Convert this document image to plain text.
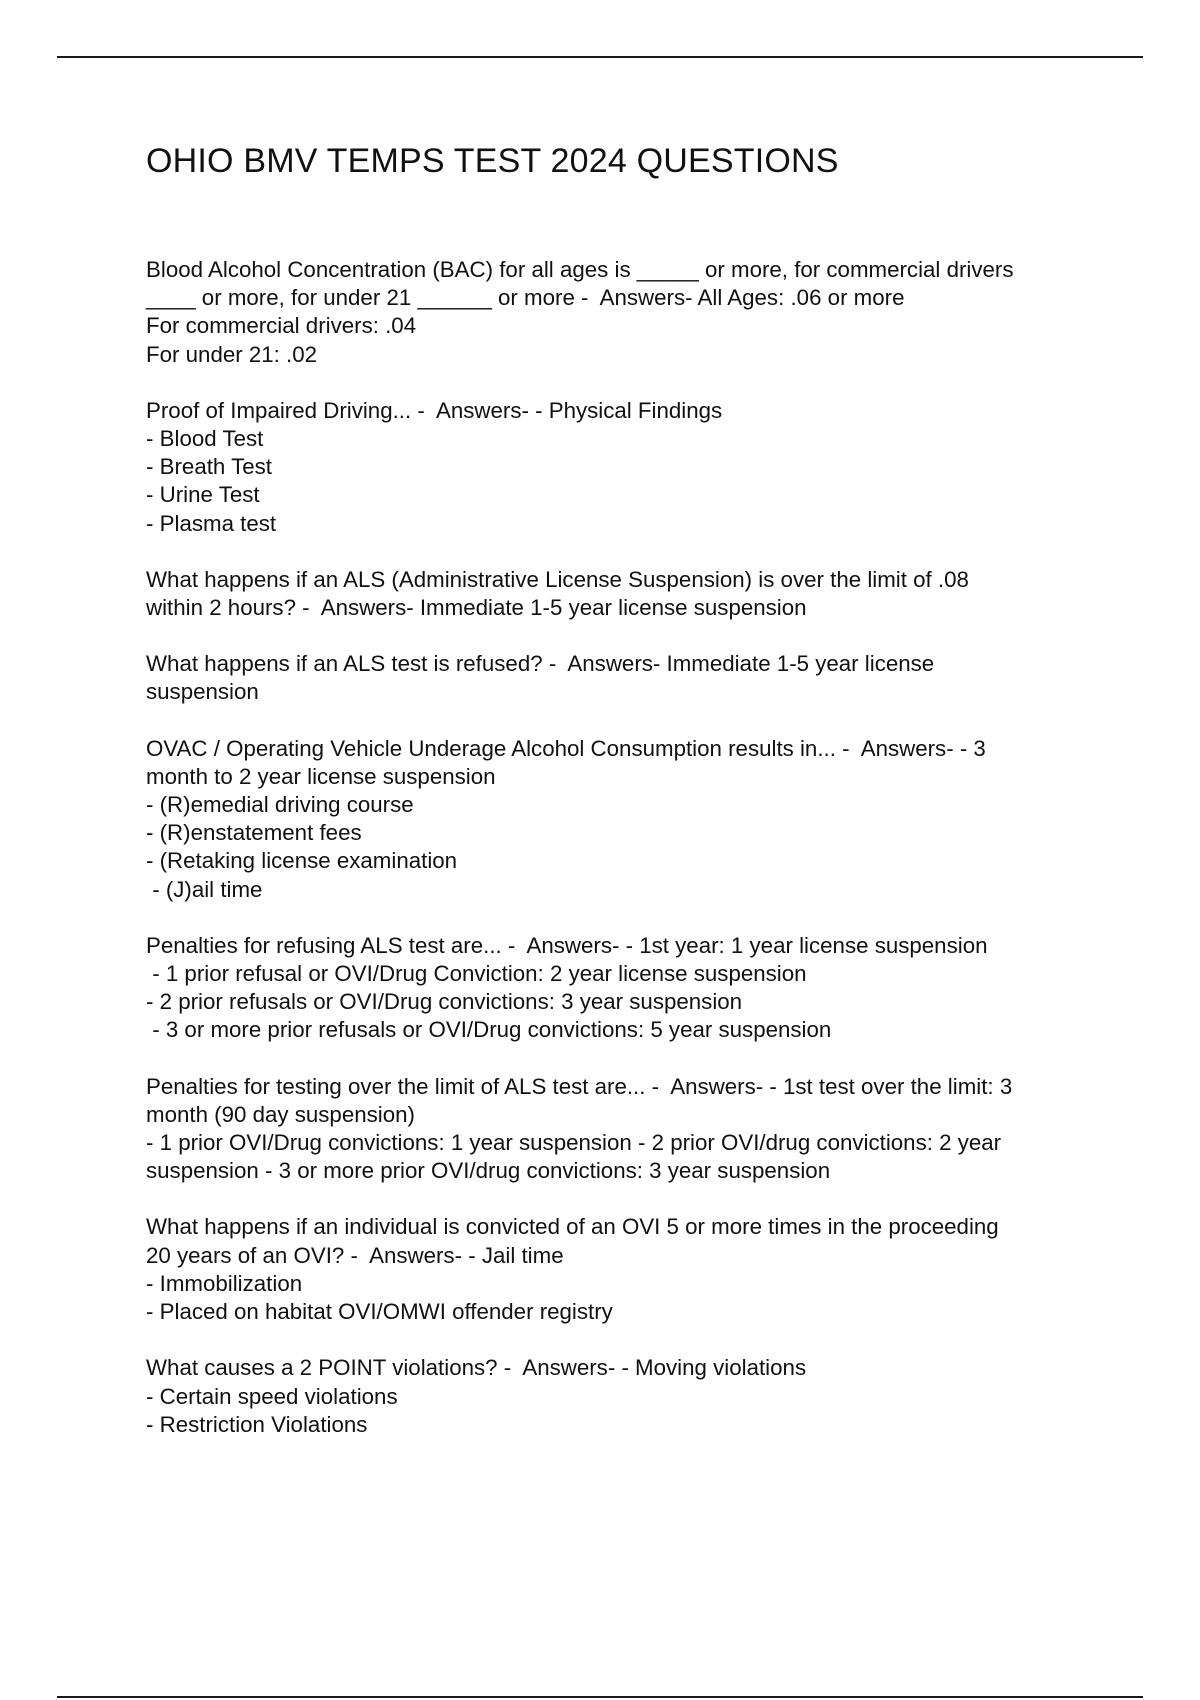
OHIO BMV TEMPS TEST 2024 QUESTIONS

Blood Alcohol Concentration (BAC) for all ages is _____ or more, for commercial drivers
____ or more, for under 21 ______ or more -  Answers- All Ages: .06 or more
For commercial drivers: .04
For under 21: .02

Proof of Impaired Driving... -  Answers- - Physical Findings
- Blood Test
- Breath Test
- Urine Test
- Plasma test

What happens if an ALS (Administrative License Suspension) is over the limit of .08
within 2 hours? -  Answers- Immediate 1-5 year license suspension

What happens if an ALS test is refused? -  Answers- Immediate 1-5 year license
suspension

OVAC / Operating Vehicle Underage Alcohol Consumption results in... -  Answers- - 3
month to 2 year license suspension
- (R)emedial driving course
- (R)enstatement fees
- (Retaking license examination
- (J)ail time

Penalties for refusing ALS test are... -  Answers- - 1st year: 1 year license suspension
- 1 prior refusal or OVI/Drug Conviction: 2 year license suspension
- 2 prior refusals or OVI/Drug convictions: 3 year suspension
- 3 or more prior refusals or OVI/Drug convictions: 5 year suspension

Penalties for testing over the limit of ALS test are... -  Answers- - 1st test over the limit: 3
month (90 day suspension)
- 1 prior OVI/Drug convictions: 1 year suspension - 2 prior OVI/drug convictions: 2 year
suspension - 3 or more prior OVI/drug convictions: 3 year suspension

What happens if an individual is convicted of an OVI 5 or more times in the proceeding
20 years of an OVI? -  Answers- - Jail time
- Immobilization
- Placed on habitat OVI/OMWI offender registry

What causes a 2 POINT violations? -  Answers- - Moving violations
- Certain speed violations
- Restriction Violations
